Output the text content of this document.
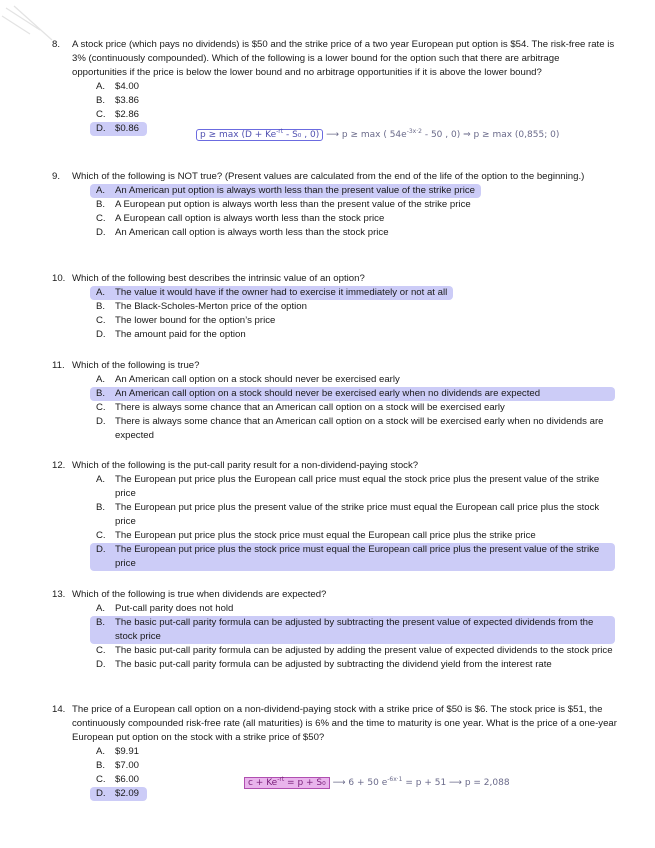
8. A stock price (which pays no dividends) is $50 and the strike price of a two year European put option is $54. The risk-free rate is 3% (continuously compounded). Which of the following is a lower bound for the option such that there are arbitrage opportunities if the price is below the lower bound and no arbitrage opportunities if it is above the lower bound?
A. $4.00
B. $3.86
C. $2.86
D. $0.86
$p \ge \max (D + Ke^{-rt} - S_0$ , 0) ⟶ p ≥ max ( $54e^{-3x\cdot 2} - 50$ , 0) ⇒ p ≥ max (0,855; 0)
9. Which of the following is NOT true? (Present values are calculated from the end of the life of the option to the beginning.)
A. An American put option is always worth less than the present value of the strike price
B. A European put option is always worth less than the present value of the strike price
C. A European call option is always worth less than the stock price
D. An American call option is always worth less than the stock price
10. Which of the following best describes the intrinsic value of an option?
A. The value it would have if the owner had to exercise it immediately or not at all
B. The Black-Scholes-Merton price of the option
C. The lower bound for the option’s price
D. The amount paid for the option
11. Which of the following is true?
A. An American call option on a stock should never be exercised early
B. An American call option on a stock should never be exercised early when no dividends are expected
C. There is always some chance that an American call option on a stock will be exercised early
D. There is always some chance that an American call option on a stock will be exercised early when no dividends are expected
12. Which of the following is the put-call parity result for a non-dividend-paying stock?
A. The European put price plus the European call price must equal the stock price plus the present value of the strike price
B. The European put price plus the present value of the strike price must equal the European call price plus the stock price
C. The European put price plus the stock price must equal the European call price plus the strike price
D. The European put price plus the stock price must equal the European call price plus the present value of the strike price
13. Which of the following is true when dividends are expected?
A. Put-call parity does not hold
B. The basic put-call parity formula can be adjusted by subtracting the present value of expected dividends from the stock price
C. The basic put-call parity formula can be adjusted by adding the present value of expected dividends to the stock price
D. The basic put-call parity formula can be adjusted by subtracting the dividend yield from the interest rate
14. The price of a European call option on a non-dividend-paying stock with a strike price of $50 is $6. The stock price is $51, the continuously compounded risk-free rate (all maturities) is 6% and the time to maturity is one year. What is the price of a one-year European put option on the stock with a strike price of $50?
A. $9.91
B. $7.00
C. $6.00
D. $2.09
$c + Ke^{-rt} = p + S_0$ ⟶ 6 + 50 $e^{-6x\cdot 1} = p + 51$ ⟶ p = 2,088
